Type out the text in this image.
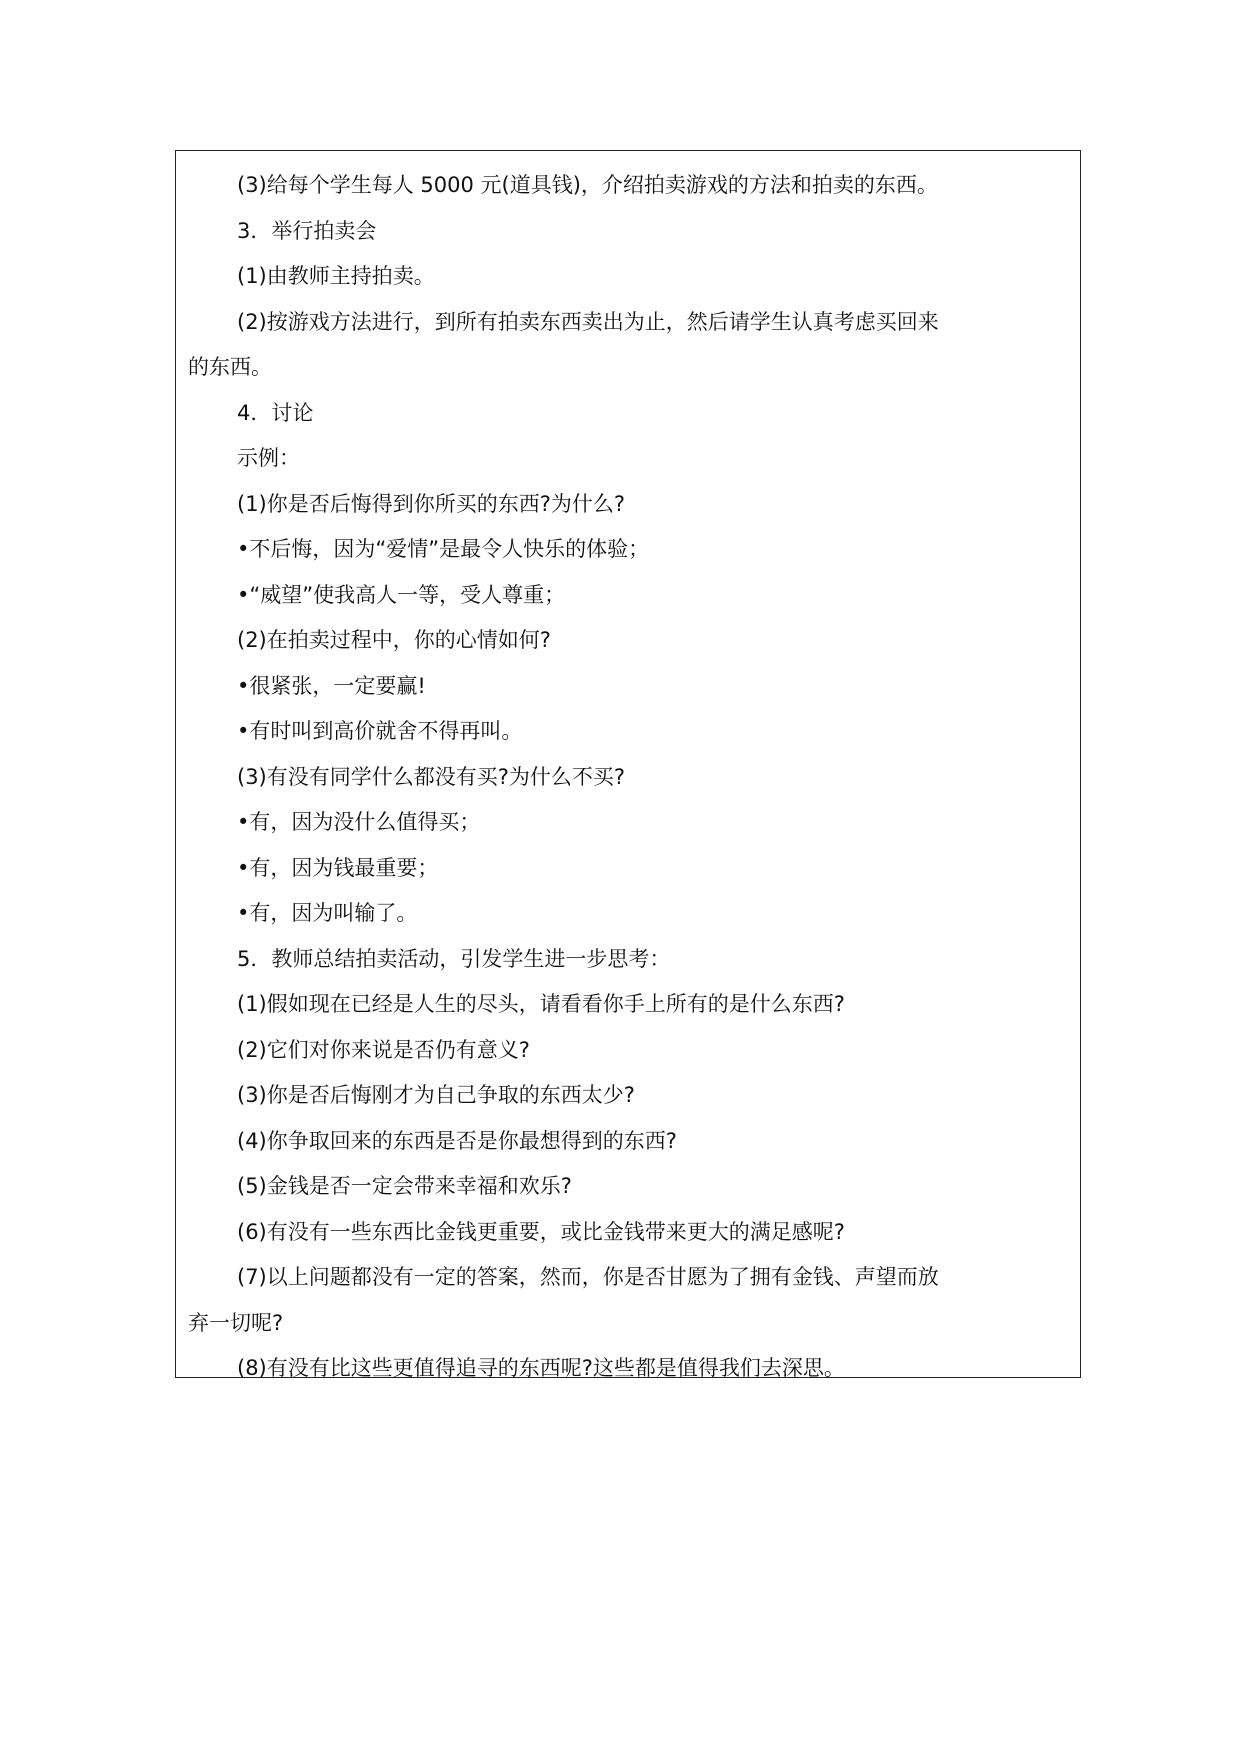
(3)给每个学生每人 5000 元(道具钱)，介绍拍卖游戏的方法和拍卖的东西。
3．举行拍卖会
(1)由教师主持拍卖。
(2)按游戏方法进行，到所有拍卖东西卖出为止，然后请学生认真考虑买回来
的东西。
4．讨论
示例：
(1)你是否后悔得到你所买的东西?为什么?
•不后悔，因为“爱情”是最令人快乐的体验；
•“威望”使我高人一等，受人尊重；
(2)在拍卖过程中，你的心情如何?
•很紧张，一定要赢!
•有时叫到高价就舍不得再叫。
(3)有没有同学什么都没有买?为什么不买?
•有，因为没什么值得买；
•有，因为钱最重要；
•有，因为叫输了。
5．教师总结拍卖活动，引发学生进一步思考：
(1)假如现在已经是人生的尽头，请看看你手上所有的是什么东西?
(2)它们对你来说是否仍有意义?
(3)你是否后悔刚才为自己争取的东西太少?
(4)你争取回来的东西是否是你最想得到的东西?
(5)金钱是否一定会带来幸福和欢乐?
(6)有没有一些东西比金钱更重要，或比金钱带来更大的满足感呢?
(7)以上问题都没有一定的答案，然而，你是否甘愿为了拥有金钱、声望而放
弃一切呢?
(8)有没有比这些更值得追寻的东西呢?这些都是值得我们去深思。
